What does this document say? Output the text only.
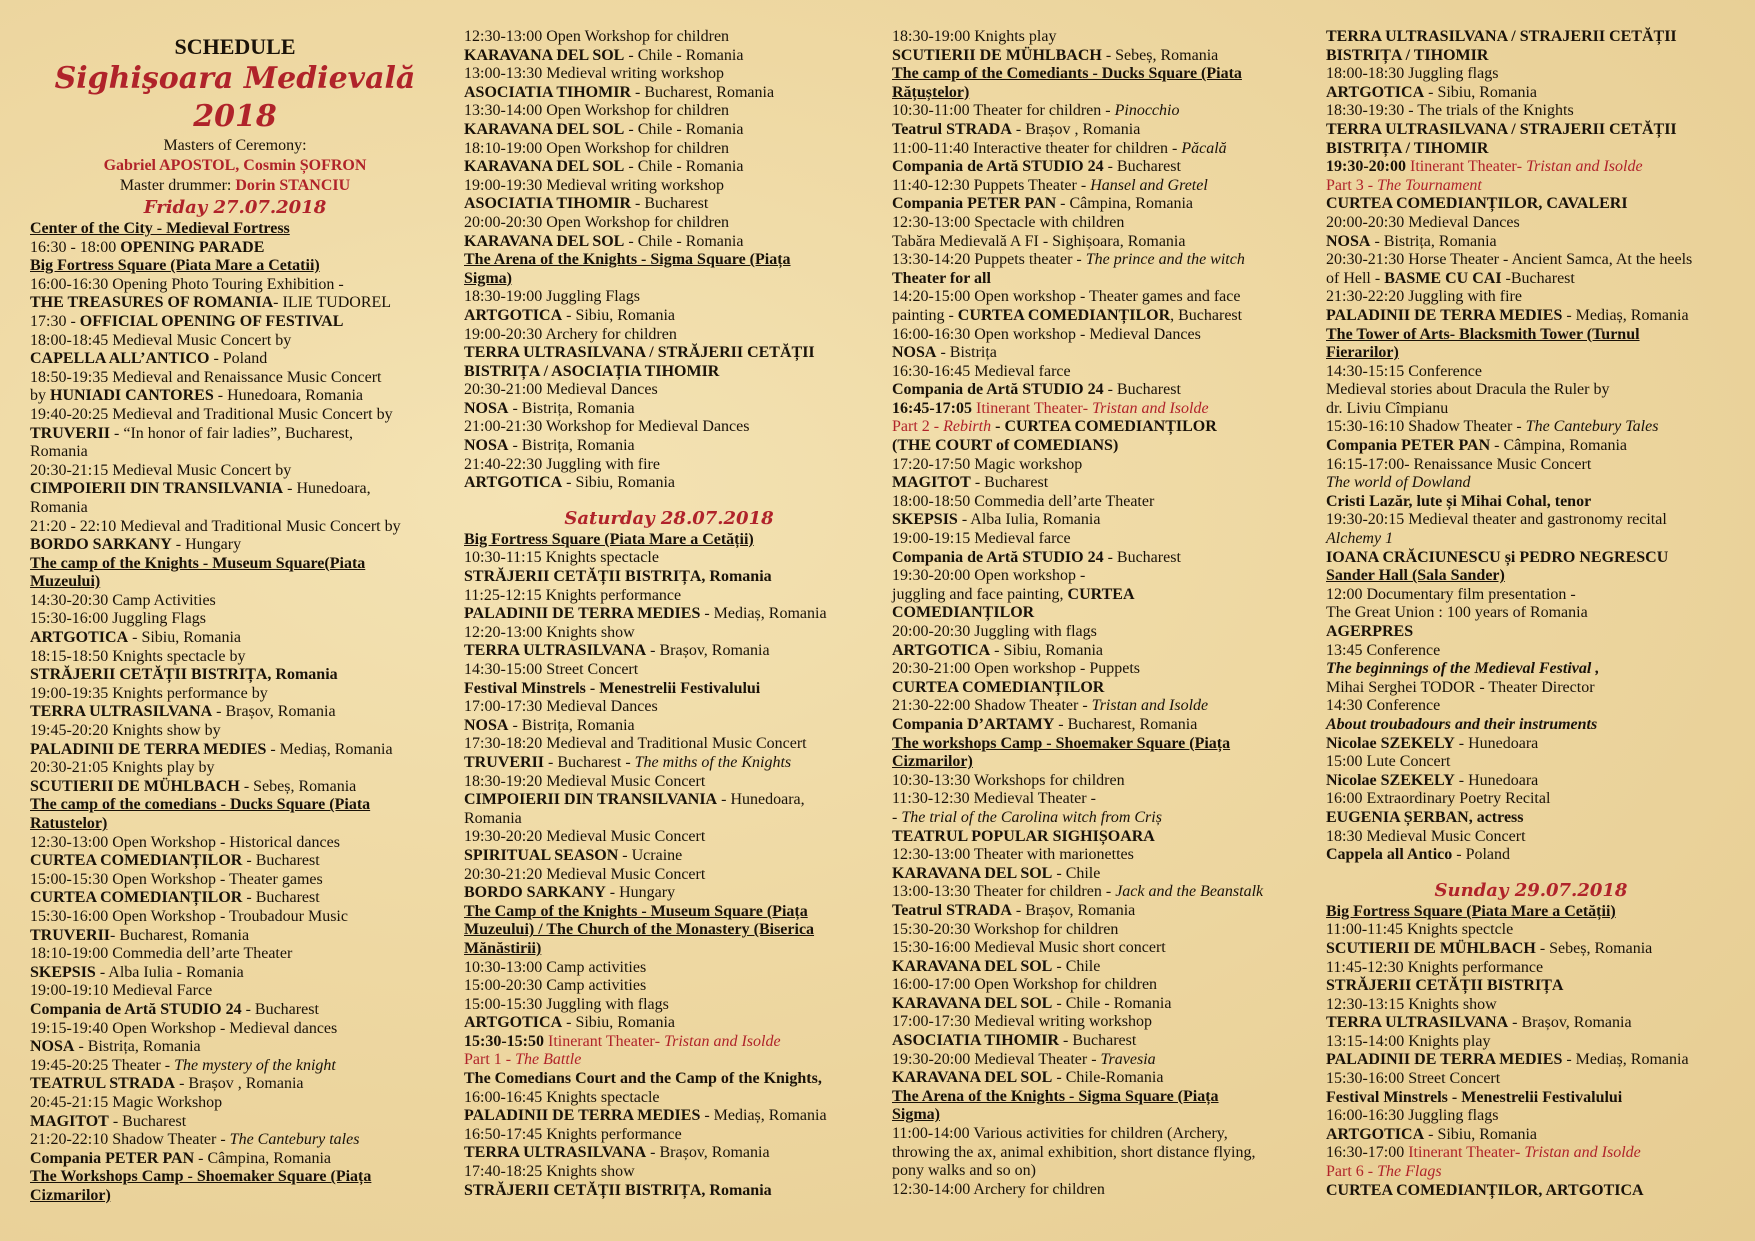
SCHEDULE
Sighişoara Medievală 2018
Masters of Ceremony:
Gabriel APOSTOL, Cosmin ȘOFRON
Master drummer: Dorin STANCIU
Friday 27.07.2018
Center of the City - Medieval Fortress
16:30 - 18:00 OPENING PARADE
Big Fortress Square (Piata Mare a Cetatii)
16:00-16:30 Opening Photo Touring Exhibition -
THE TREASURES OF ROMANIA- ILIE TUDOREL
17:30 - OFFICIAL OPENING OF FESTIVAL
18:00-18:45 Medieval Music Concert by
CAPELLA ALL’ANTICO - Poland
18:50-19:35 Medieval and Renaissance Music Concert
by HUNIADI CANTORES - Hunedoara, Romania
19:40-20:25 Medieval and Traditional Music Concert by
TRUVERII - “In honor of fair ladies”, Bucharest,
Romania
20:30-21:15 Medieval Music Concert by
CIMPOIERII DIN TRANSILVANIA - Hunedoara,
Romania
21:20 - 22:10 Medieval and Traditional Music Concert by
BORDO SARKANY - Hungary
The camp of the Knights - Museum Square(Piata
Muzeului)
14:30-20:30 Camp Activities
15:30-16:00 Juggling Flags
ARTGOTICA - Sibiu, Romania
18:15-18:50 Knights spectacle by
STRĂJERII CETĂȚII BISTRIȚA, Romania
19:00-19:35 Knights performance by
TERRA ULTRASILVANA - Brașov, Romania
19:45-20:20 Knights show by
PALADINII DE TERRA MEDIES - Mediaș, Romania
20:30-21:05 Knights play by
SCUTIERII DE MÜHLBACH - Sebeș, Romania
The camp of the comedians - Ducks Square (Piata
Ratustelor)
12:30-13:00 Open Workshop - Historical dances
CURTEA COMEDIANȚILOR - Bucharest
15:00-15:30 Open Workshop - Theater games
CURTEA COMEDIANȚILOR - Bucharest
15:30-16:00 Open Workshop - Troubadour Music
TRUVERII- Bucharest, Romania
18:10-19:00 Commedia dell’arte Theater
SKEPSIS - Alba Iulia - Romania
19:00-19:10 Medieval Farce
Compania de Artă STUDIO 24 - Bucharest
19:15-19:40 Open Workshop - Medieval dances
NOSA - Bistrița, Romania
19:45-20:25 Theater - The mystery of the knight
TEATRUL STRADA - Brașov , Romania
20:45-21:15 Magic Workshop
MAGITOT - Bucharest
21:20-22:10 Shadow Theater - The Cantebury tales
Compania PETER PAN - Câmpina, Romania
The Workshops Camp - Shoemaker Square (Piața
Cizmarilor)
12:30-13:00 Open Workshop for children
KARAVANA DEL SOL - Chile - Romania
13:00-13:30 Medieval writing workshop
ASOCIATIA TIHOMIR - Bucharest, Romania
13:30-14:00 Open Workshop for children
KARAVANA DEL SOL - Chile - Romania
18:10-19:00 Open Workshop for children
KARAVANA DEL SOL - Chile - Romania
19:00-19:30 Medieval writing workshop
ASOCIATIA TIHOMIR - Bucharest
20:00-20:30 Open Workshop for children
KARAVANA DEL SOL - Chile - Romania
The Arena of the Knights - Sigma Square (Piața
Sigma)
18:30-19:00 Juggling Flags
ARTGOTICA - Sibiu, Romania
19:00-20:30 Archery for children
TERRA ULTRASILVANA / STRĂJERII CETĂȚII
BISTRIȚA / ASOCIAȚIA TIHOMIR
20:30-21:00 Medieval Dances
NOSA - Bistrița, Romania
21:00-21:30 Workshop for Medieval Dances
NOSA - Bistrița, Romania
21:40-22:30 Juggling with fire
ARTGOTICA - Sibiu, Romania
Saturday 28.07.2018
Big Fortress Square (Piata Mare a Cetății)
10:30-11:15 Knights spectacle
STRĂJERII CETĂȚII BISTRIȚA, Romania
11:25-12:15 Knights performance
PALADINII DE TERRA MEDIES - Mediaș, Romania
12:20-13:00 Knights show
TERRA ULTRASILVANA - Brașov, Romania
14:30-15:00 Street Concert
Festival Minstrels - Menestrelii Festivalului
17:00-17:30 Medieval Dances
NOSA - Bistrița, Romania
17:30-18:20 Medieval and Traditional Music Concert
TRUVERII - Bucharest - The miths of the Knights
18:30-19:20 Medieval Music Concert
CIMPOIERII DIN TRANSILVANIA - Hunedoara,
Romania
19:30-20:20 Medieval Music Concert
SPIRITUAL SEASON - Ucraine
20:30-21:20 Medieval Music Concert
BORDO SARKANY - Hungary
The Camp of the Knights - Museum Square (Piața
Muzeului) / The Church of the Monastery (Biserica
Mănăstirii)
10:30-13:00 Camp activities
15:00-20:30 Camp activities
15:00-15:30 Juggling with flags
ARTGOTICA - Sibiu, Romania
15:30-15:50 Itinerant Theater- Tristan and Isolde
Part 1 - The Battle
The Comedians Court and the Camp of the Knights,
16:00-16:45 Knights spectacle
PALADINII DE TERRA MEDIES - Mediaș, Romania
16:50-17:45 Knights performance
TERRA ULTRASILVANA - Brașov, Romania
17:40-18:25 Knights show
STRĂJERII CETĂȚII BISTRIȚA, Romania
18:30-19:00 Knights play
SCUTIERII DE MÜHLBACH - Sebeș, Romania
The camp of the Comediants - Ducks Square (Piata
Rățuștelor)
10:30-11:00 Theater for children - Pinocchio
Teatrul STRADA - Brașov , Romania
11:00-11:40 Interactive theater for children - Păcală
Compania de Artă STUDIO 24 - Bucharest
11:40-12:30 Puppets Theater - Hansel and Gretel
Compania PETER PAN - Câmpina, Romania
12:30-13:00 Spectacle with children
Tabăra Medievală A FI - Sighișoara, Romania
13:30-14:20 Puppets theater - The prince and the witch
Theater for all
14:20-15:00 Open workshop - Theater games and face
painting - CURTEA COMEDIANȚILOR, Bucharest
16:00-16:30 Open workshop - Medieval Dances
NOSA - Bistrița
16:30-16:45 Medieval farce
Compania de Artă STUDIO 24 - Bucharest
16:45-17:05 Itinerant Theater- Tristan and Isolde
Part 2 - Rebirth - CURTEA COMEDIANȚILOR
(THE COURT of COMEDIANS)
17:20-17:50 Magic workshop
MAGITOT - Bucharest
18:00-18:50 Commedia dell’arte Theater
SKEPSIS - Alba Iulia, Romania
19:00-19:15 Medieval farce
Compania de Artă STUDIO 24 - Bucharest
19:30-20:00 Open workshop -
juggling and face painting, CURTEA
COMEDIANȚILOR
20:00-20:30 Juggling with flags
ARTGOTICA - Sibiu, Romania
20:30-21:00 Open workshop - Puppets
CURTEA COMEDIANȚILOR
21:30-22:00 Shadow Theater - Tristan and Isolde
Compania D’ARTAMY - Bucharest, Romania
The workshops Camp - Shoemaker Square (Piața
Cizmarilor)
10:30-13:30 Workshops for children
11:30-12:30 Medieval Theater -
- The trial of the Carolina witch from Criș
TEATRUL POPULAR SIGHIȘOARA
12:30-13:00 Theater with marionettes
KARAVANA DEL SOL - Chile
13:00-13:30 Theater for children - Jack and the Beanstalk
Teatrul STRADA - Brașov, Romania
15:30-20:30 Workshop for children
15:30-16:00 Medieval Music short concert
KARAVANA DEL SOL - Chile
16:00-17:00 Open Workshop for children
KARAVANA DEL SOL - Chile - Romania
17:00-17:30 Medieval writing workshop
ASOCIATIA TIHOMIR - Bucharest
19:30-20:00 Medieval Theater - Travesia
KARAVANA DEL SOL - Chile-Romania
The Arena of the Knights - Sigma Square (Piața
Sigma)
11:00-14:00 Various activities for children (Archery,
throwing the ax, animal exhibition, short distance flying,
pony walks and so on)
12:30-14:00 Archery for children
TERRA ULTRASILVANA / STRAJERII CETĂȚII
BISTRIȚA / TIHOMIR
18:00-18:30 Juggling flags
ARTGOTICA - Sibiu, Romania
18:30-19:30 - The trials of the Knights
TERRA ULTRASILVANA / STRAJERII CETĂȚII
BISTRIȚA / TIHOMIR
19:30-20:00 Itinerant Theater- Tristan and Isolde
Part 3 - The Tournament
CURTEA COMEDIANȚILOR, CAVALERI
20:00-20:30 Medieval Dances
NOSA - Bistrița, Romania
20:30-21:30 Horse Theater - Ancient Samca, At the heels
of Hell - BASME CU CAI -Bucharest
21:30-22:20 Juggling with fire
PALADINII DE TERRA MEDIES - Mediaș, Romania
The Tower of Arts- Blacksmith Tower (Turnul
Fierarilor)
14:30-15:15 Conference
Medieval stories about Dracula the Ruler by
dr. Liviu Cîmpianu
15:30-16:10 Shadow Theater - The Cantebury Tales
Compania PETER PAN - Câmpina, Romania
16:15-17:00- Renaissance Music Concert
The world of Dowland
Cristi Lazăr, lute și Mihai Cohal, tenor
19:30-20:15 Medieval theater and gastronomy recital
Alchemy 1
IOANA CRĂCIUNESCU și PEDRO NEGRESCU
Sander Hall (Sala Sander)
12:00 Documentary film presentation -
The Great Union : 100 years of Romania
AGERPRES
13:45 Conference
The beginnings of the Medieval Festival ,
Mihai Serghei TODOR - Theater Director
14:30 Conference
About troubadours and their instruments
Nicolae SZEKELY - Hunedoara
15:00 Lute Concert
Nicolae SZEKELY - Hunedoara
16:00 Extraordinary Poetry Recital
EUGENIA ȘERBAN, actress
18:30 Medieval Music Concert
Cappela all Antico - Poland
Sunday 29.07.2018
Big Fortress Square (Piata Mare a Cetății)
11:00-11:45 Knights spectcle
SCUTIERII DE MÜHLBACH - Sebeș, Romania
11:45-12:30 Knights performance
STRĂJERII CETĂȚII BISTRIȚA
12:30-13:15 Knights show
TERRA ULTRASILVANA - Brașov, Romania
13:15-14:00 Knights play
PALADINII DE TERRA MEDIES - Mediaș, Romania
15:30-16:00 Street Concert
Festival Minstrels - Menestrelii Festivalului
16:00-16:30 Juggling flags
ARTGOTICA - Sibiu, Romania
16:30-17:00 Itinerant Theater- Tristan and Isolde
Part 6 - The Flags
CURTEA COMEDIANȚILOR, ARTGOTICA
